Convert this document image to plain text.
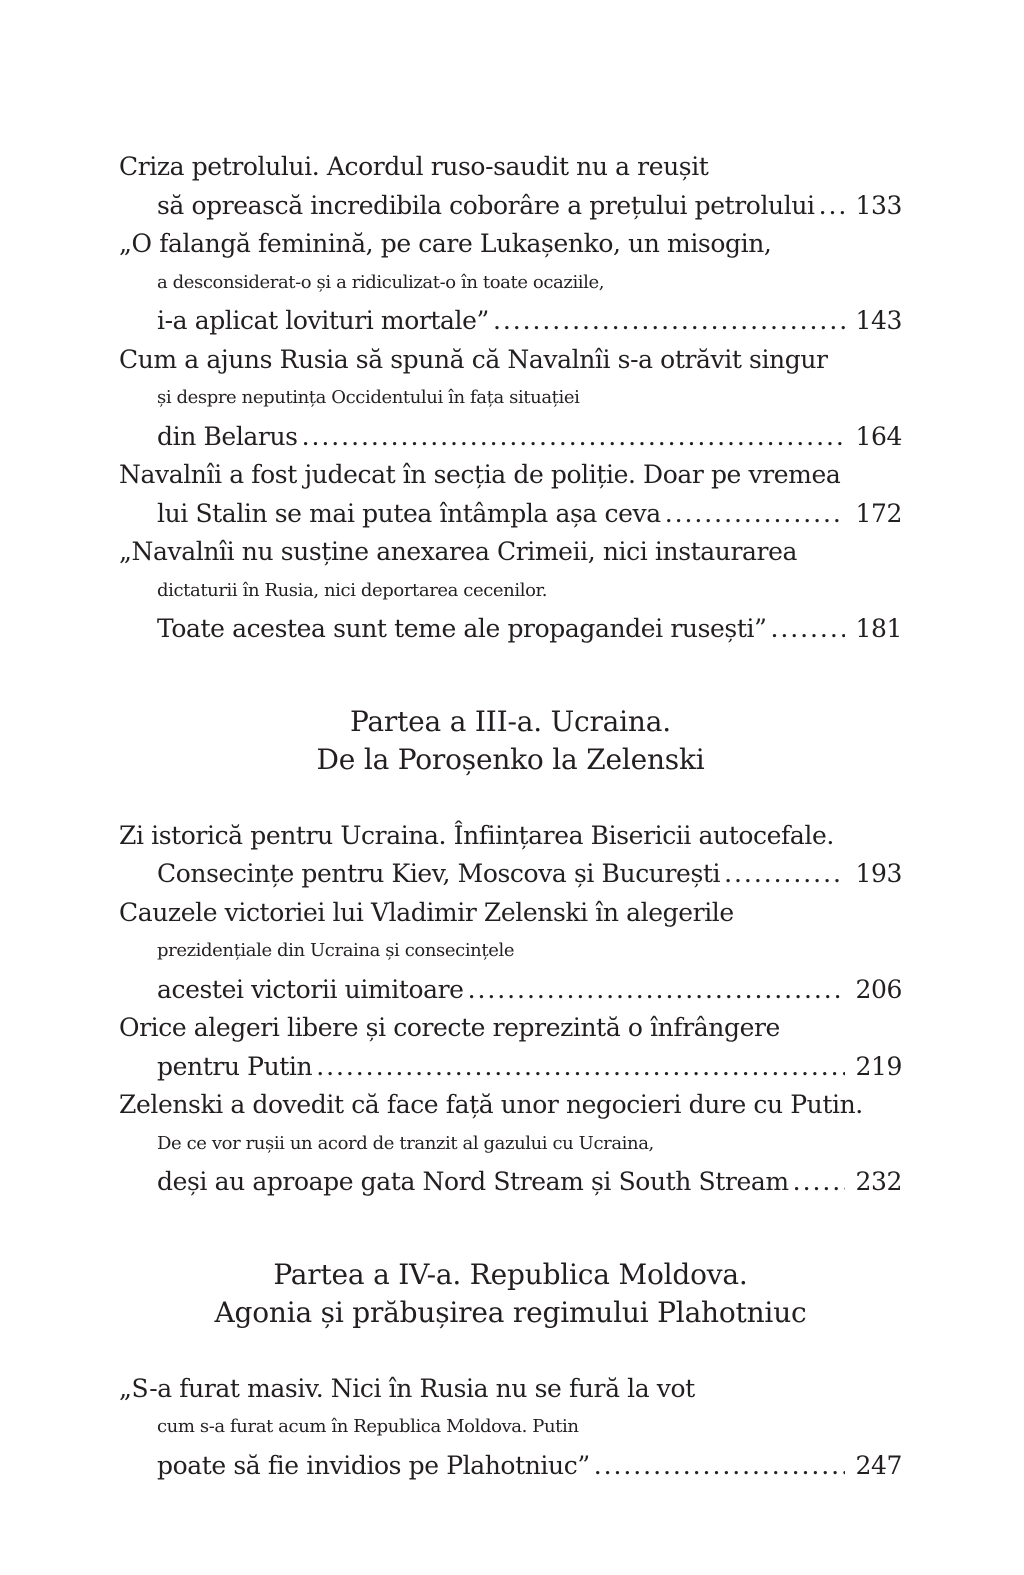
Criza petrolului. Acordul ruso-saudit nu a reușit
să oprească incredibila coborâre a prețului petrolului . . . 133
„O falangă feminină, pe care Lukașenko, un misogin,
a desconsiderat-o și a ridiculizat-o în toate ocaziile,
i-a aplicat lovituri mortale” . . .	143
Cum a ajuns Rusia să spună că Navalnîi s-a otrăvit singur
și despre neputința Occidentului în fața situației
din Belarus . . .	164
Navalnîi a fost judecat în secția de poliție. Doar pe vremea
lui Stalin se mai putea întâmpla așa ceva . . .	172
„Navalnîi nu susține anexarea Crimeii, nici instaurarea
dictaturii în Rusia, nici deportarea cecenilor.
Toate acestea sunt teme ale propagandei rusești” . . .	181
Partea a III-a. Ucraina.
De la Poroșenko la Zelenski
Zi istorică pentru Ucraina. Înființarea Bisericii autocefale.
Consecințe pentru Kiev, Moscova și București . . .	193
Cauzele victoriei lui Vladimir Zelenski în alegerile
prezidențiale din Ucraina și consecințele
acestei victorii uimitoare . . .	206
Orice alegeri libere și corecte reprezintă o înfrângere
pentru Putin . . .	219
Zelenski a dovedit că face față unor negocieri dure cu Putin.
De ce vor rușii un acord de tranzit al gazului cu Ucraina,
deși au aproape gata Nord Stream și South Stream . . .	232
Partea a IV-a. Republica Moldova.
Agonia și prăbușirea regimului Plahotniuc
„S-a furat masiv. Nici în Rusia nu se fură la vot
cum s-a furat acum în Republica Moldova. Putin
poate să fie invidios pe Plahotniuc” . . .	247
